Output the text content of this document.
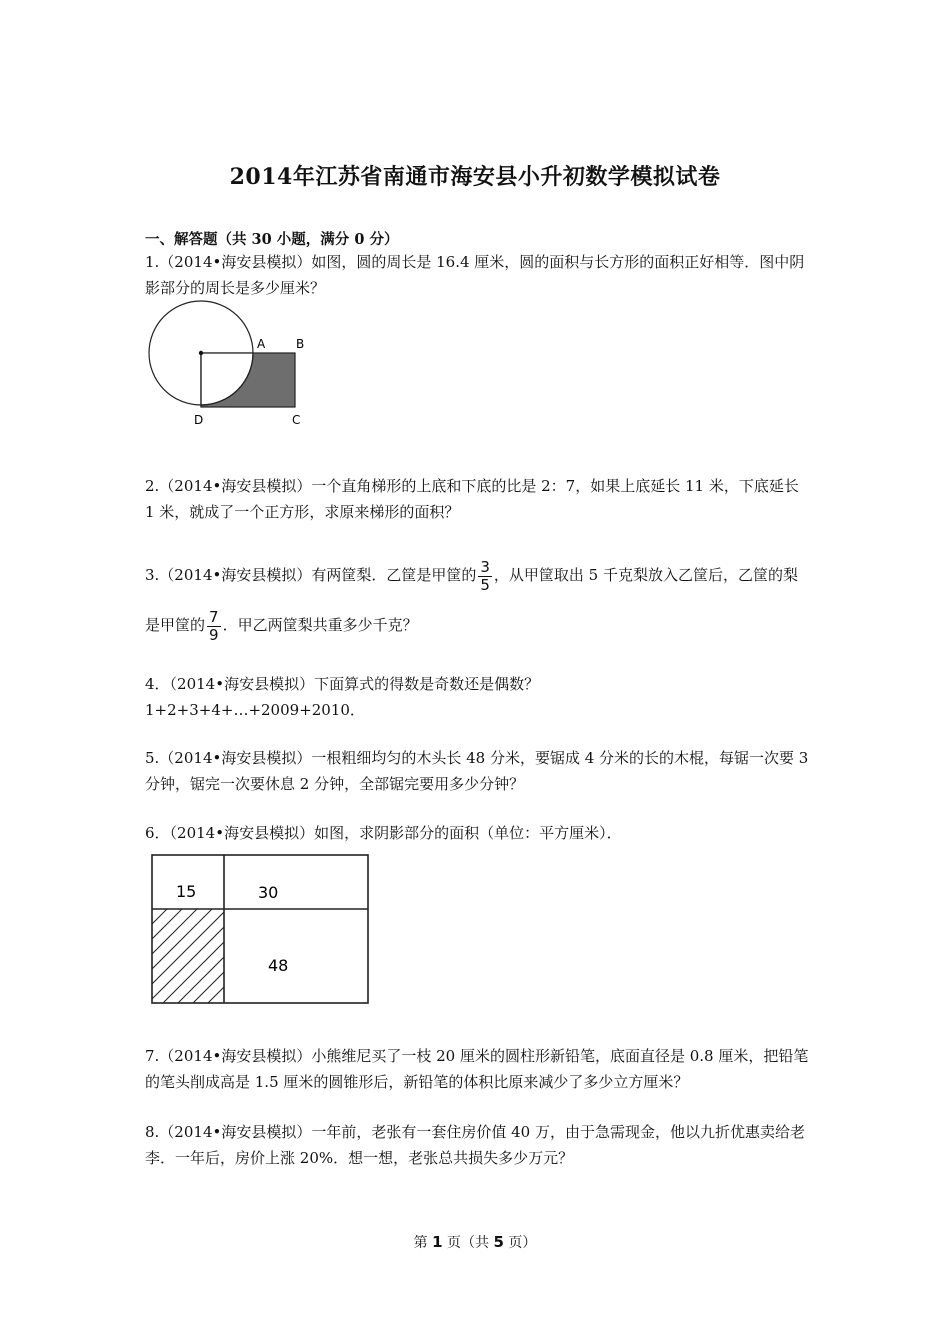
2014年江苏省南通市海安县小升初数学模拟试卷
一、解答题（共 30 小题，满分 0 分）
1.（2014•海安县模拟）如图，圆的周长是 16.4 厘米，圆的面积与长方形的面积正好相等．图中阴影部分的周长是多少厘米？
A	B
C
D
2.（2014•海安县模拟）一个直角梯形的上底和下底的比是 2：7，如果上底延长 11 米，下底延长 1 米，就成了一个正方形，求原来梯形的面积？
3.（2014•海安县模拟）有两筐梨．乙筐是甲筐的 $\frac{3}{5}$ ，从甲筐取出 5 千克梨放入乙筐后，乙筐的梨是甲筐的 $\frac{7}{9}$ ．甲乙两筐梨共重多少千克？
4．（2014•海安县模拟）下面算式的得数是奇数还是偶数？
1+2+3+4+…+2009+2010．
5.（2014•海安县模拟）一根粗细均匀的木头长 48 分米，要锯成 4 分米的长的木棍，每锯一次要 3 分钟，锯完一次要休息 2 分钟，全部锯完要用多少分钟？
6．（2014•海安县模拟）如图，求阴影部分的面积（单位：平方厘米）．
15	30
48
7.（2014•海安县模拟）小熊维尼买了一枝 20 厘米的圆柱形新铅笔，底面直径是 0.8 厘米，把铅笔的笔头削成高是 1.5 厘米的圆锥形后，新铅笔的体积比原来减少了多少立方厘米？
8.（2014•海安县模拟）一年前，老张有一套住房价值 40 万，由于急需现金，他以九折优惠卖给老李．一年后，房价上涨 20%．想一想，老张总共损失多少万元？
第 1 页（共 5 页）
